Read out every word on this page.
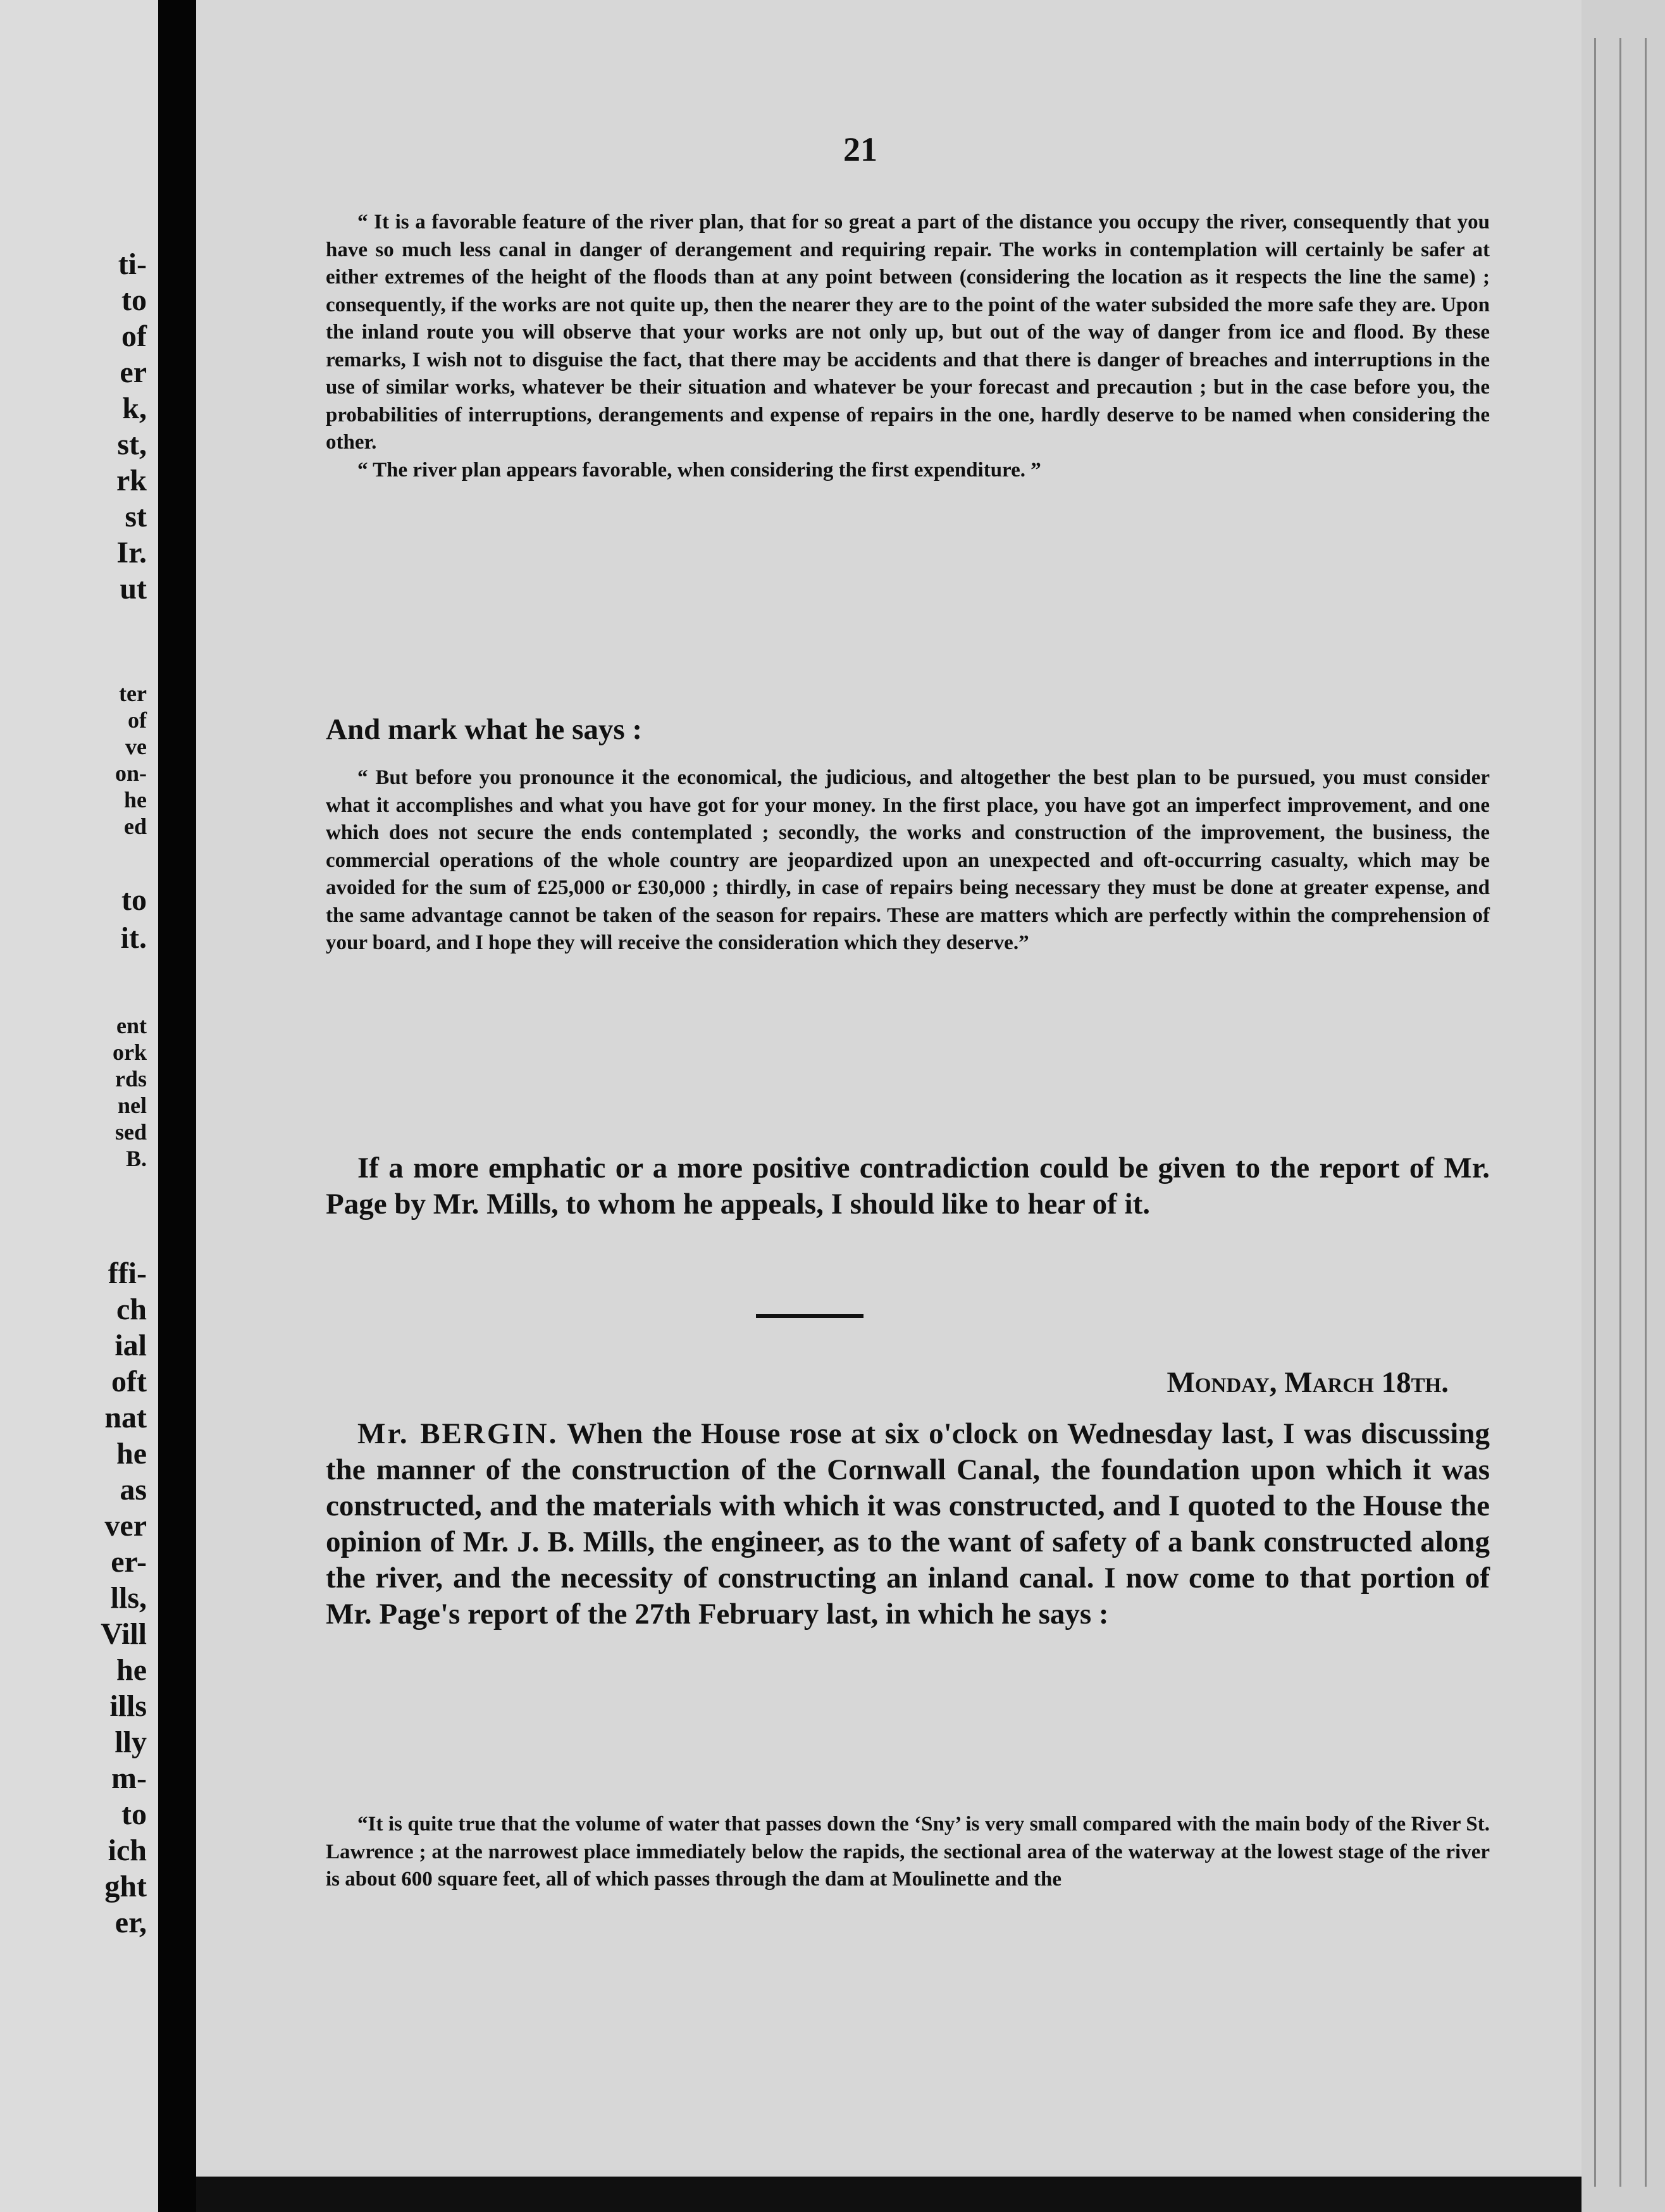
ti-
to
of
er
k,
st,
rk
st
Ir.
ut
ter
of
ve
on-
he
ed
to
it.
ent
ork
rds
nel
sed
B.
ffi-
ch
ial
oft
nat
he
as
ver
er-
lls,
Vill
he
ills
lly
m-
to
ich
ght
er,
21

“ It is a favorable feature of the river plan, that for so great a part of the distance you occupy the river, consequently that you have so much less canal in danger of derangement and requiring repair. The works in contemplation will certainly be safer at either extremes of the height of the floods than at any point between (considering the location as it respects the line the same) ; consequently, if the works are not quite up, then the nearer they are to the point of the water subsided the more safe they are. Upon the inland route you will observe that your works are not only up, but out of the way of danger from ice and flood. By these remarks, I wish not to disguise the fact, that there may be accidents and that there is danger of breaches and interruptions in the use of similar works, whatever be their situation and whatever be your forecast and precaution ; but in the case before you, the probabilities of interruptions, derangements and expense of repairs in the one, hardly deserve to be named when considering the other.

“ The river plan appears favorable, when considering the first expenditure. ”

And mark what he says :

“ But before you pronounce it the economical, the judicious, and altogether the best plan to be pursued, you must consider what it accomplishes and what you have got for your money. In the first place, you have got an imperfect improvement, and one which does not secure the ends contemplated ; secondly, the works and construction of the improvement, the business, the commercial operations of the whole country are jeopardized upon an unexpected and oft-occurring casualty, which may be avoided for the sum of £25,000 or £30,000 ; thirdly, in case of repairs being necessary they must be done at greater expense, and the same advantage cannot be taken of the season for repairs. These are matters which are perfectly within the comprehension of your board, and I hope they will receive the consideration which they deserve.”

If a more emphatic or a more positive contradiction could be given to the report of Mr. Page by Mr. Mills, to whom he appeals, I should like to hear of it.

Monday, March 18th.

Mr. BERGIN. When the House rose at six o'clock on Wednesday last, I was discussing the manner of the construction of the Cornwall Canal, the foundation upon which it was constructed, and the materials with which it was constructed, and I quoted to the House the opinion of Mr. J. B. Mills, the engineer, as to the want of safety of a bank constructed along the river, and the necessity of constructing an inland canal. I now come to that portion of Mr. Page's report of the 27th February last, in which he says :

“It is quite true that the volume of water that passes down the ‘Sny’ is very small compared with the main body of the River St. Lawrence ; at the narrowest place immediately below the rapids, the sectional area of the waterway at the lowest stage of the river is about 600 square feet, all of which passes through the dam at Moulinette and the
